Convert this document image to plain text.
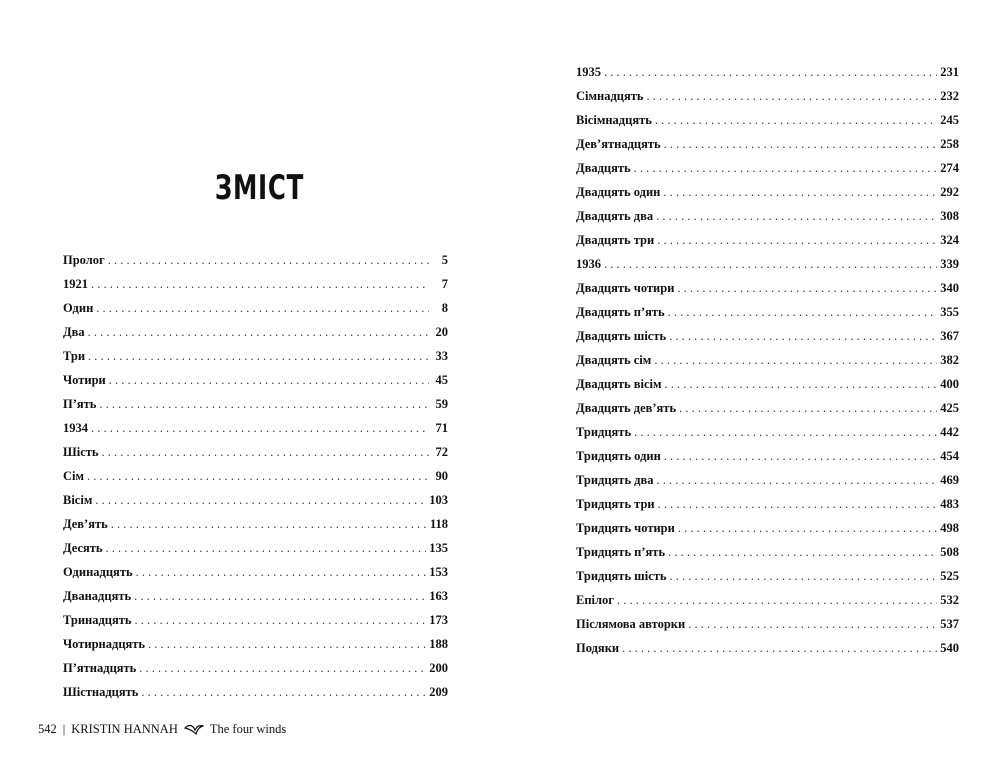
ЗМІСТ
Пролог . . .	5
1921 . . .	7
Один . . .	8
Два . . .	20
Три . . .	33
Чотири . . .	45
П’ять . . .	59
1934 . . .	71
Шість . . .	72
Сім . . .	90
Вісім . . .	103
Дев’ять . . .	118
Десять . . .	135
Одинадцять . . .	153
Дванадцять . . .	163
Тринадцять . . .	173
Чотирнадцять . . .	188
П’ятнадцять . . .	200
Шістнадцять . . .	209
542 | KRISTIN HANNAH	The four winds
1935 . . .	231
Сімнадцять . . .	232
Вісімнадцять . . .	245
Дев’ятнадцять . . .	258
Двадцять . . .	274
Двадцять один . . .	292
Двадцять два . . .	308
Двадцять три . . .	324
1936 . . .	339
Двадцять чотири . . .	340
Двадцять п’ять . . .	355
Двадцять шість . . .	367
Двадцять сім . . .	382
Двадцять вісім . . .	400
Двадцять дев’ять . . .	425
Тридцять . . .	442
Тридцять один . . .	454
Тридцять два . . .	469
Тридцять три . . .	483
Тридцять чотири . . .	498
Тридцять п’ять . . .	508
Тридцять шість . . .	525
Епілог . . .	532
Післямова авторки . . .	537
Подяки . . .	540
